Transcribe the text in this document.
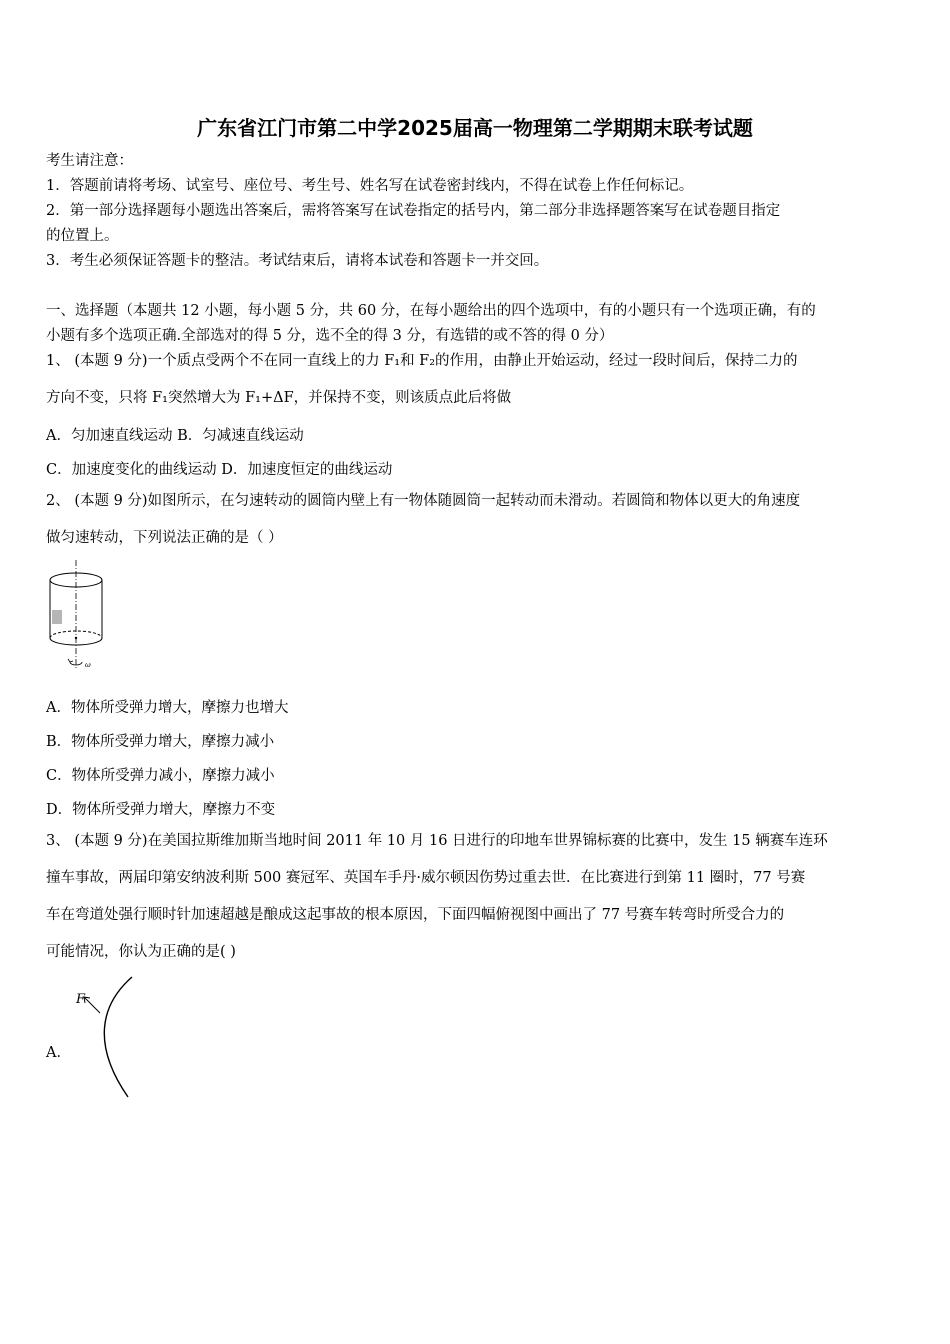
广东省江门市第二中学2025届高一物理第二学期期末联考试题
考生请注意：
1．答题前请将考场、试室号、座位号、考生号、姓名写在试卷密封线内，不得在试卷上作任何标记。
2．第一部分选择题每小题选出答案后，需将答案写在试卷指定的括号内，第二部分非选择题答案写在试卷题目指定
的位置上。
3．考生必须保证答题卡的整洁。考试结束后，请将本试卷和答题卡一并交回。
一、选择题（本题共 12 小题，每小题 5 分，共 60 分，在每小题给出的四个选项中，有的小题只有一个选项正确，有的
小题有多个选项正确.全部选对的得 5 分，选不全的得 3 分，有选错的或不答的得 0 分）
1、 (本题 9 分)一个质点受两个不在同一直线上的力 F₁和 F₂的作用，由静止开始运动，经过一段时间后，保持二力的
方向不变，只将 F₁突然增大为 F₁+ΔF，并保持不变，则该质点此后将做
A．匀加速直线运动 B．匀减速直线运动
C．加速度变化的曲线运动 D．加速度恒定的曲线运动
2、 (本题 9 分)如图所示，在匀速转动的圆筒内壁上有一物体随圆筒一起转动而未滑动。若圆筒和物体以更大的角速度
做匀速转动，下列说法正确的是（ ）
ω
A．物体所受弹力增大，摩擦力也增大
B．物体所受弹力增大，摩擦力减小
C．物体所受弹力减小，摩擦力减小
D．物体所受弹力增大，摩擦力不变
3、 (本题 9 分)在美国拉斯维加斯当地时间 2011 年 10 月 16 日进行的印地车世界锦标赛的比赛中，发生 15 辆赛车连环
撞车事故，两届印第安纳波利斯 500 赛冠军、英国车手丹·威尔顿因伤势过重去世．在比赛进行到第 11 圈时，77 号赛
车在弯道处强行顺时针加速超越是酿成这起事故的根本原因，下面四幅俯视图中画出了 77 号赛车转弯时所受合力的
可能情况，你认为正确的是( )
A．
F
